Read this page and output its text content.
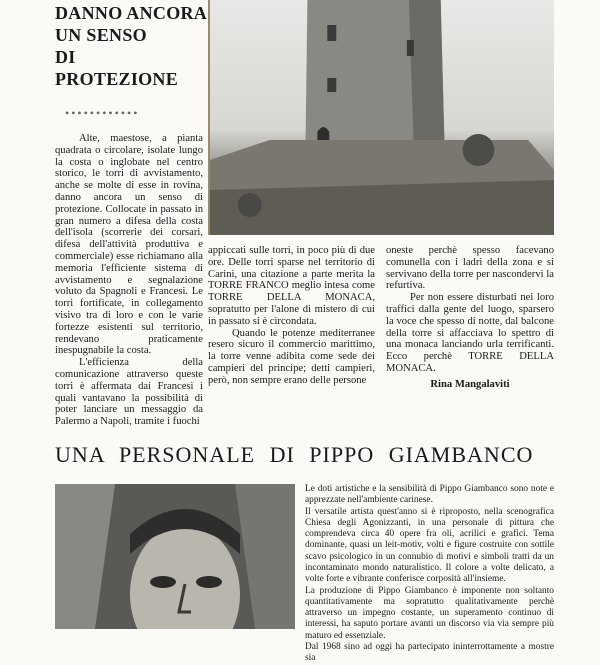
DANNO ANCORA
UN SENSO
DI
PROTEZIONE
••••••••••••

Alte, maestose, a pianta quadrata o circolare, isolate lungo la costa o inglobate nel centro storico, le torri di avvistamento, anche se molte di esse in rovina, danno ancora un senso di protezione. Collocate in passato in gran numero a difesa della costa dell'isola (scorrerie dei corsari, difesa dell'attività produttiva e commerciale) esse richiamano alla memoria l'efficiente sistema di avvistamento e segnalazione voluto da Spagnoli e Francesi. Le torri fortificate, in collegamento visivo tra di loro e con le varie fortezze esistenti sul territorio, rendevano praticamente inespugnabile la costa.

L'efficienza della comunicazione attraverso queste torri è affermata dai Francesi i quali vantavano la possibilità di poter lanciare un messaggio da Palermo a Napoli, tramite i fuochi

appiccati sulle torri, in poco più di due ore. Delle torri sparse nel territorio di Carini, una citazione a parte merita la TORRE FRANCO meglio intesa come TORRE DELLA MONACA, sopratutto per l'alone di mistero di cui in passato si è circondata.

Quando le potenze mediterranee resero sicuro il commercio marittimo, la torre venne adibita come sede dei campieri del principe; detti campieri, però, non sempre erano delle persone

oneste perchè spesso facevano comunella con i ladri della zona e si servivano della torre per nascondervi la refurtiva.

Per non essere disturbati nei loro traffici dalla gente del luogo, sparsero la voce che spesso di notte, dal balcone della torre si affacciava lo spettro di una monaca lanciando urla terrificanti. Ecco perchè TORRE DELLA MONACA.

Rina Mangalaviti

UNA PERSONALE DI PIPPO GIAMBANCO

Le doti artistiche e la sensibilità di Pippo Giambanco sono note e apprezzate nell'ambiente carinese.

Il versatile artista quest'anno si è riproposto, nella scenografica Chiesa degli Agonizzanti, in una personale di pittura che comprendeva circa 40 opere fra oli, acrilici e grafici. Tema dominante, quasi un leit-motiv, volti e figure costruite con sottile scavo psicologico in un connubio di motivi e simboli tratti da un incontaminato mondo naturalistico. Il colore a volte delicato, a volte forte e vibrante conferisce corposità all'insieme.

La produzione di Pippo Giambanco è imponente non soltanto quantitativamente ma sopratutto qualitativamente perchè attraverso un impegno costante, un superamento continuo di interessi, ha saputo portare avanti un discorso via via sempre più maturo ed essenziale.

Dal 1968 sino ad oggi ha partecipato ininterrottamente a mostre sia
